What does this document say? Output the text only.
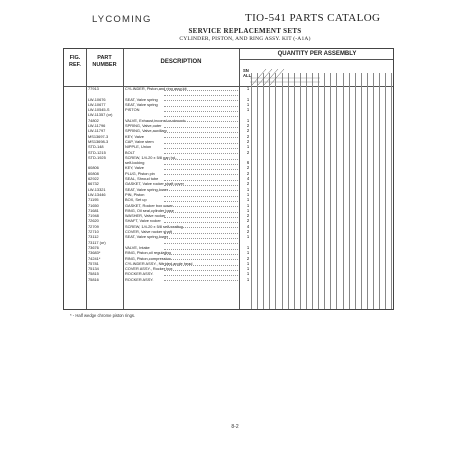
LYCOMING	TIO-541 PARTS CATALOG
SERVICE REPLACEMENT SETS
CYLINDER, PISTON, AND RING ASSY. KIT (-A1A)
FIG.
REF.
PART
NUMBER	DESCRIPTION
QUANTITY PER ASSEMBLY
SN
ALL
77913	CYLINDER, Piston,and ring assy.kit	1
LW-10676	SEAT, Valve spring	1
LW-10677	SEAT, Valve spring	1
LW-10545-S	PISTON	1
LW-11357 (or)
74802	VALVE, Exhaust,inconel or nimonic	1
LW-11796	SPRING, Valve,outer	2
LW-11797	SPRING, Valve,auxiliary	2
MS13697-3	KEY, Valve	2
MS13698-3	CAP, Valve stem	2
STD-148	NIPPLE, Union	1
STD-1215	BOLT	2
STD-1925	SCREW, 1/4-20 x 5/8 pan hd.,
self-locking	6
60806	KEY, Valve	2
60808	PLUG, Piston pin	2
62922	SEAL, Shroud tube	4
66732	GASKET, Valve rocker shaft cover	2
LW-13321	SEAT, Valve spring,lower	1
LW-13446	PIN, Piston	1
71195	BOX, Set up	1
71650	GASKET, Rocker box cover	1
71681	RING, Oil seal,cylinder base	1
71948	WASHER, Valve rocker	2
72620	SHAFT, Valve rocker	2
72709	SCREW, 1/4-20 x 5/8 self-sealing	4
72710	COVER, Valve rocker shaft	2
73112	SEAT, Valve spring,lower	1
73117 (or)
73676	VALVE, Intake	1
73683*	RING, Piston,oil regulating	1
74241*	RING, Piston,compression	2
75781	CYLINDER ASSY., Nitrided,angle head	1
75134	COVER ASSY., Rocker box	1
75815	ROCKER ASSY.	1
75816	ROCKER ASSY.	1
* - Half wedge chrome piston rings.
8-2
